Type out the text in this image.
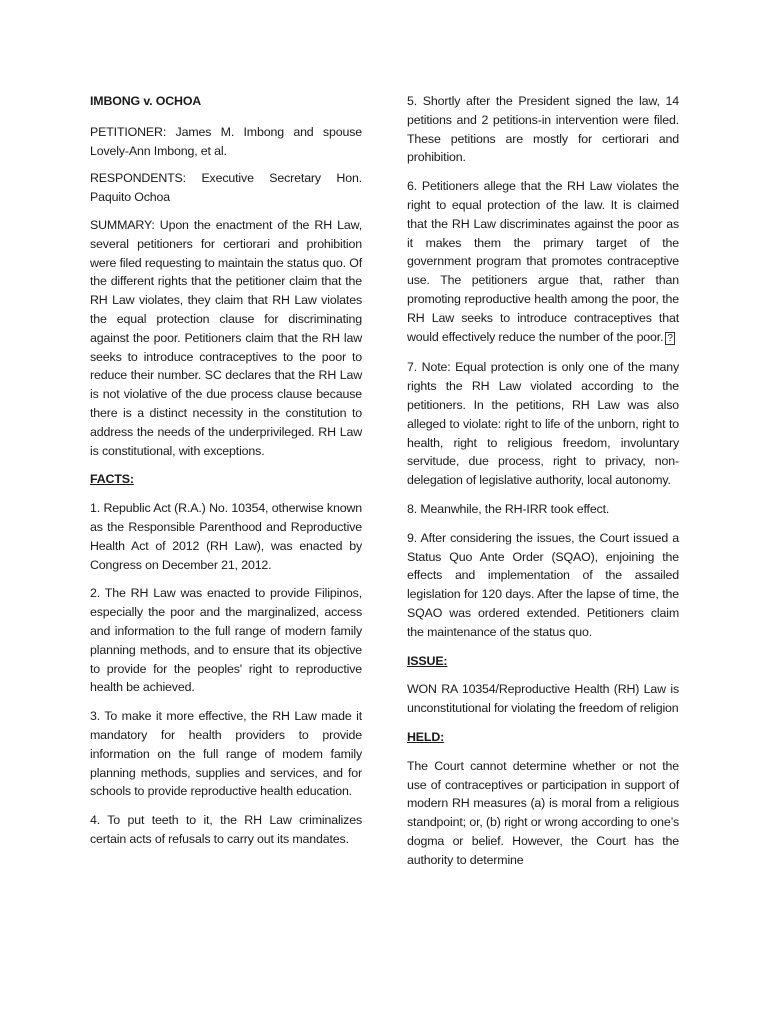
IMBONG v. OCHOA

PETITIONER: James M. Imbong and spouse Lovely-Ann Imbong, et al.

RESPONDENTS: Executive Secretary Hon. Paquito Ochoa

SUMMARY: Upon the enactment of the RH Law, several petitioners for certiorari and prohibition were filed requesting to maintain the status quo. Of the different rights that the petitioner claim that the RH Law violates, they claim that RH Law violates the equal protection clause for discriminating against the poor. Petitioners claim that the RH law seeks to introduce contraceptives to the poor to reduce their number. SC declares that the RH Law is not violative of the due process clause because there is a distinct necessity in the constitution to address the needs of the underprivileged. RH Law is constitutional, with exceptions.

FACTS:

1. Republic Act (R.A.) No. 10354, otherwise known as the Responsible Parenthood and Reproductive Health Act of 2012 (RH Law), was enacted by Congress on December 21, 2012.

2. The RH Law was enacted to provide Filipinos, especially the poor and the marginalized, access and information to the full range of modern family planning methods, and to ensure that its objective to provide for the peoples' right to reproductive health be achieved.

3. To make it more effective, the RH Law made it mandatory for health providers to provide information on the full range of modem family planning methods, supplies and services, and for schools to provide reproductive health education.

4. To put teeth to it, the RH Law criminalizes certain acts of refusals to carry out its mandates.

5. Shortly after the President signed the law, 14 petitions and 2 petitions-in intervention were filed. These petitions are mostly for certiorari and prohibition.

6. Petitioners allege that the RH Law violates the right to equal protection of the law. It is claimed that the RH Law discriminates against the poor as it makes them the primary target of the government program that promotes contraceptive use. The petitioners argue that, rather than promoting reproductive health among the poor, the RH Law seeks to introduce contraceptives that would effectively reduce the number of the poor. ?

7. Note: Equal protection is only one of the many rights the RH Law violated according to the petitioners. In the petitions, RH Law was also alleged to violate: right to life of the unborn, right to health, right to religious freedom, involuntary servitude, due process, right to privacy, non-delegation of legislative authority, local autonomy.

8. Meanwhile, the RH-IRR took effect.

9. After considering the issues, the Court issued a Status Quo Ante Order (SQAO), enjoining the effects and implementation of the assailed legislation for 120 days. After the lapse of time, the SQAO was ordered extended. Petitioners claim the maintenance of the status quo.

ISSUE:

WON RA 10354/Reproductive Health (RH) Law is unconstitutional for violating the freedom of religion

HELD:

The Court cannot determine whether or not the use of contraceptives or participation in support of modern RH measures (a) is moral from a religious standpoint; or, (b) right or wrong according to one’s dogma or belief. However, the Court has the authority to determine
